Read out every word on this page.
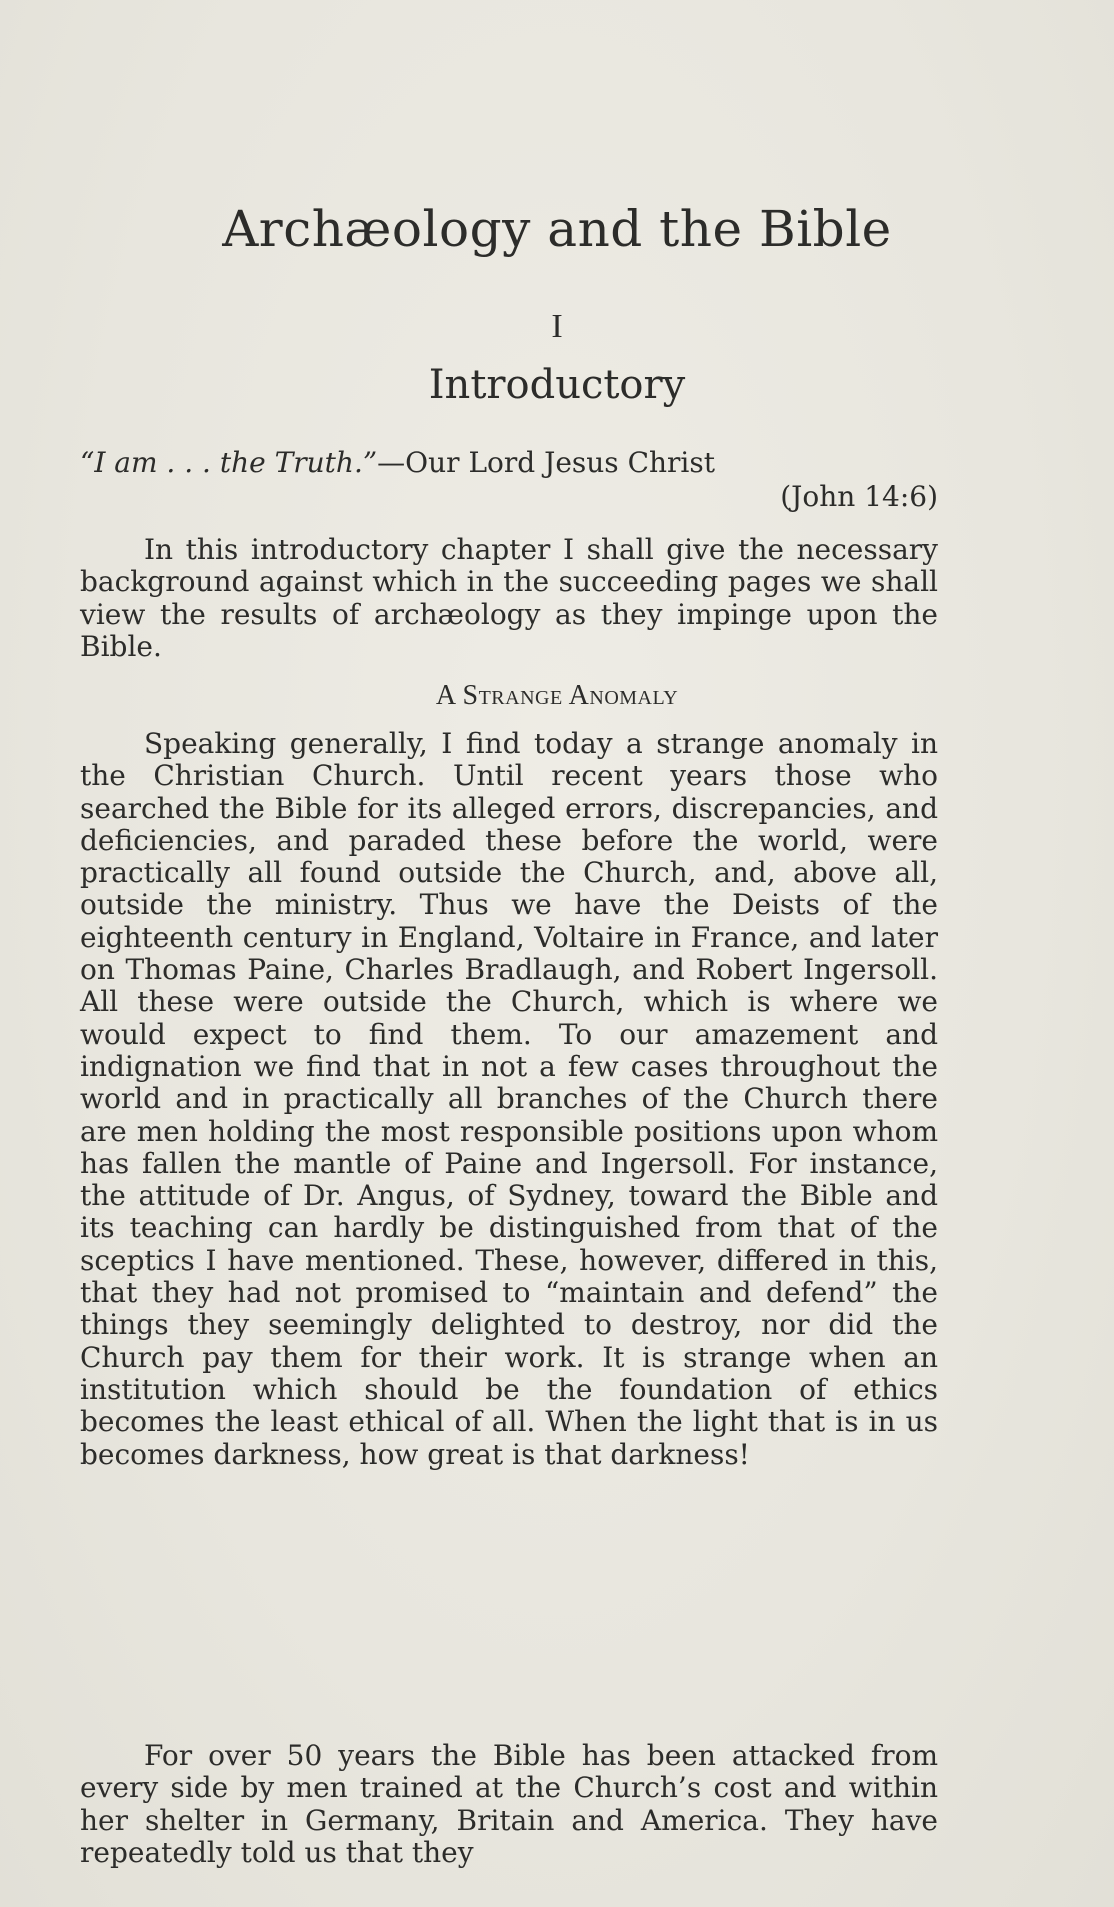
Archæology and the Bible
I
Introductory
“I am . . . the Truth.”—Our Lord Jesus Christ
(John 14:6)

In this introductory chapter I shall give the necessary background against which in the succeeding pages we shall view the results of archæology as they impinge upon the Bible.

A Strange Anomaly

Speaking generally, I find today a strange anomaly in the Christian Church. Until recent years those who searched the Bible for its alleged errors, discrepancies, and deficiencies, and paraded these before the world, were practically all found outside the Church, and, above all, outside the ministry. Thus we have the Deists of the eighteenth century in England, Voltaire in France, and later on Thomas Paine, Charles Bradlaugh, and Robert Ingersoll. All these were outside the Church, which is where we would expect to find them. To our amazement and indignation we find that in not a few cases throughout the world and in practically all branches of the Church there are men holding the most responsible positions upon whom has fallen the mantle of Paine and Ingersoll. For instance, the attitude of Dr. Angus, of Sydney, toward the Bible and its teaching can hardly be distinguished from that of the sceptics I have mentioned. These, however, differed in this, that they had not promised to “maintain and defend” the things they seemingly delighted to destroy, nor did the Church pay them for their work. It is strange when an institution which should be the foundation of ethics becomes the least ethical of all. When the light that is in us becomes darkness, how great is that darkness!

For over 50 years the Bible has been attacked from every side by men trained at the Church’s cost and within her shelter in Germany, Britain and America. They have repeatedly told us that they
